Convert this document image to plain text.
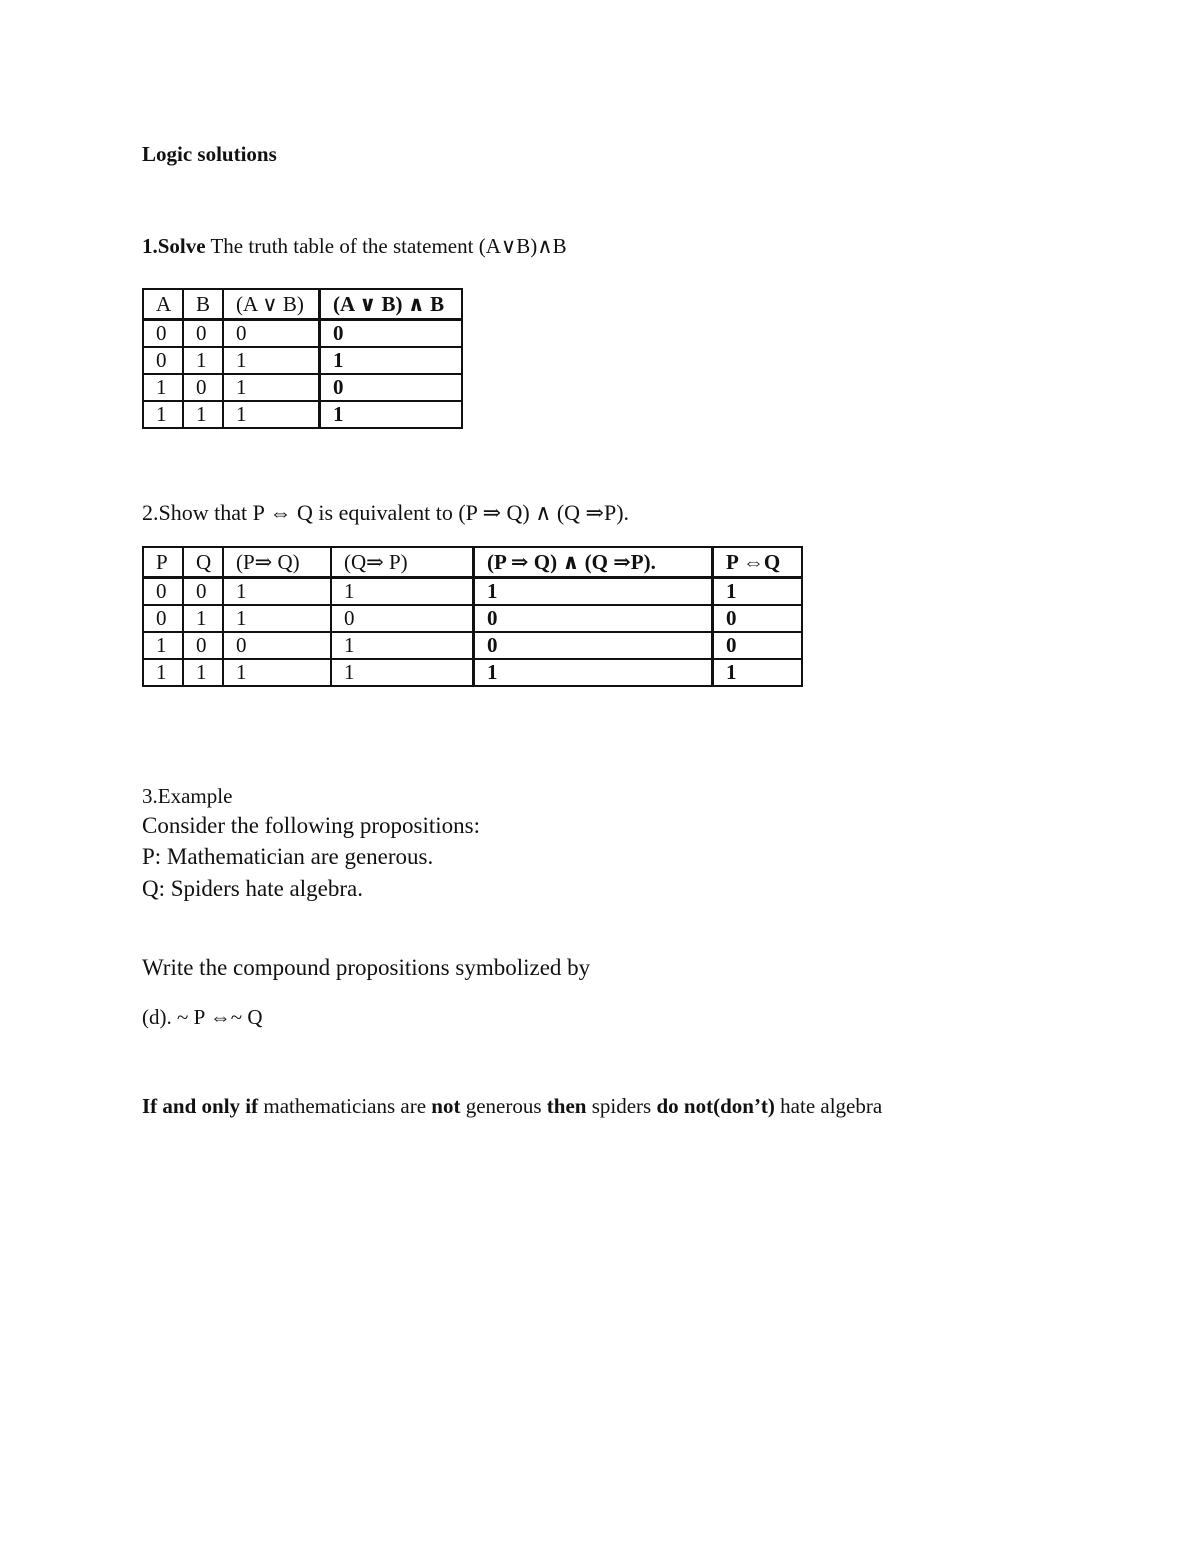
Logic solutions
1.Solve The truth table of the statement (A∨B)∧B
A	B	(A ∨ B)	(A ∨ B) ∧ B
0	0	0	0
0	1	1	1
1	0	1	0
1	1	1	1
2.Show that P ⇔ Q is equivalent to (P ⇒ Q) ∧ (Q ⇒P).
P	Q	(P⇒ Q)	(Q⇒ P)	(P ⇒ Q) ∧ (Q ⇒P).	P ⇔Q
0	0	1	1	1	1
0	1	1	0	0	0
1	0	0	1	0	0
1	1	1	1	1	1
3.Example
Consider the following propositions:
P: Mathematician are generous.
Q: Spiders hate algebra.
Write the compound propositions symbolized by
(d). ~ P ⇔~ Q
If and only if mathematicians are not generous then spiders do not(don’t) hate algebra
